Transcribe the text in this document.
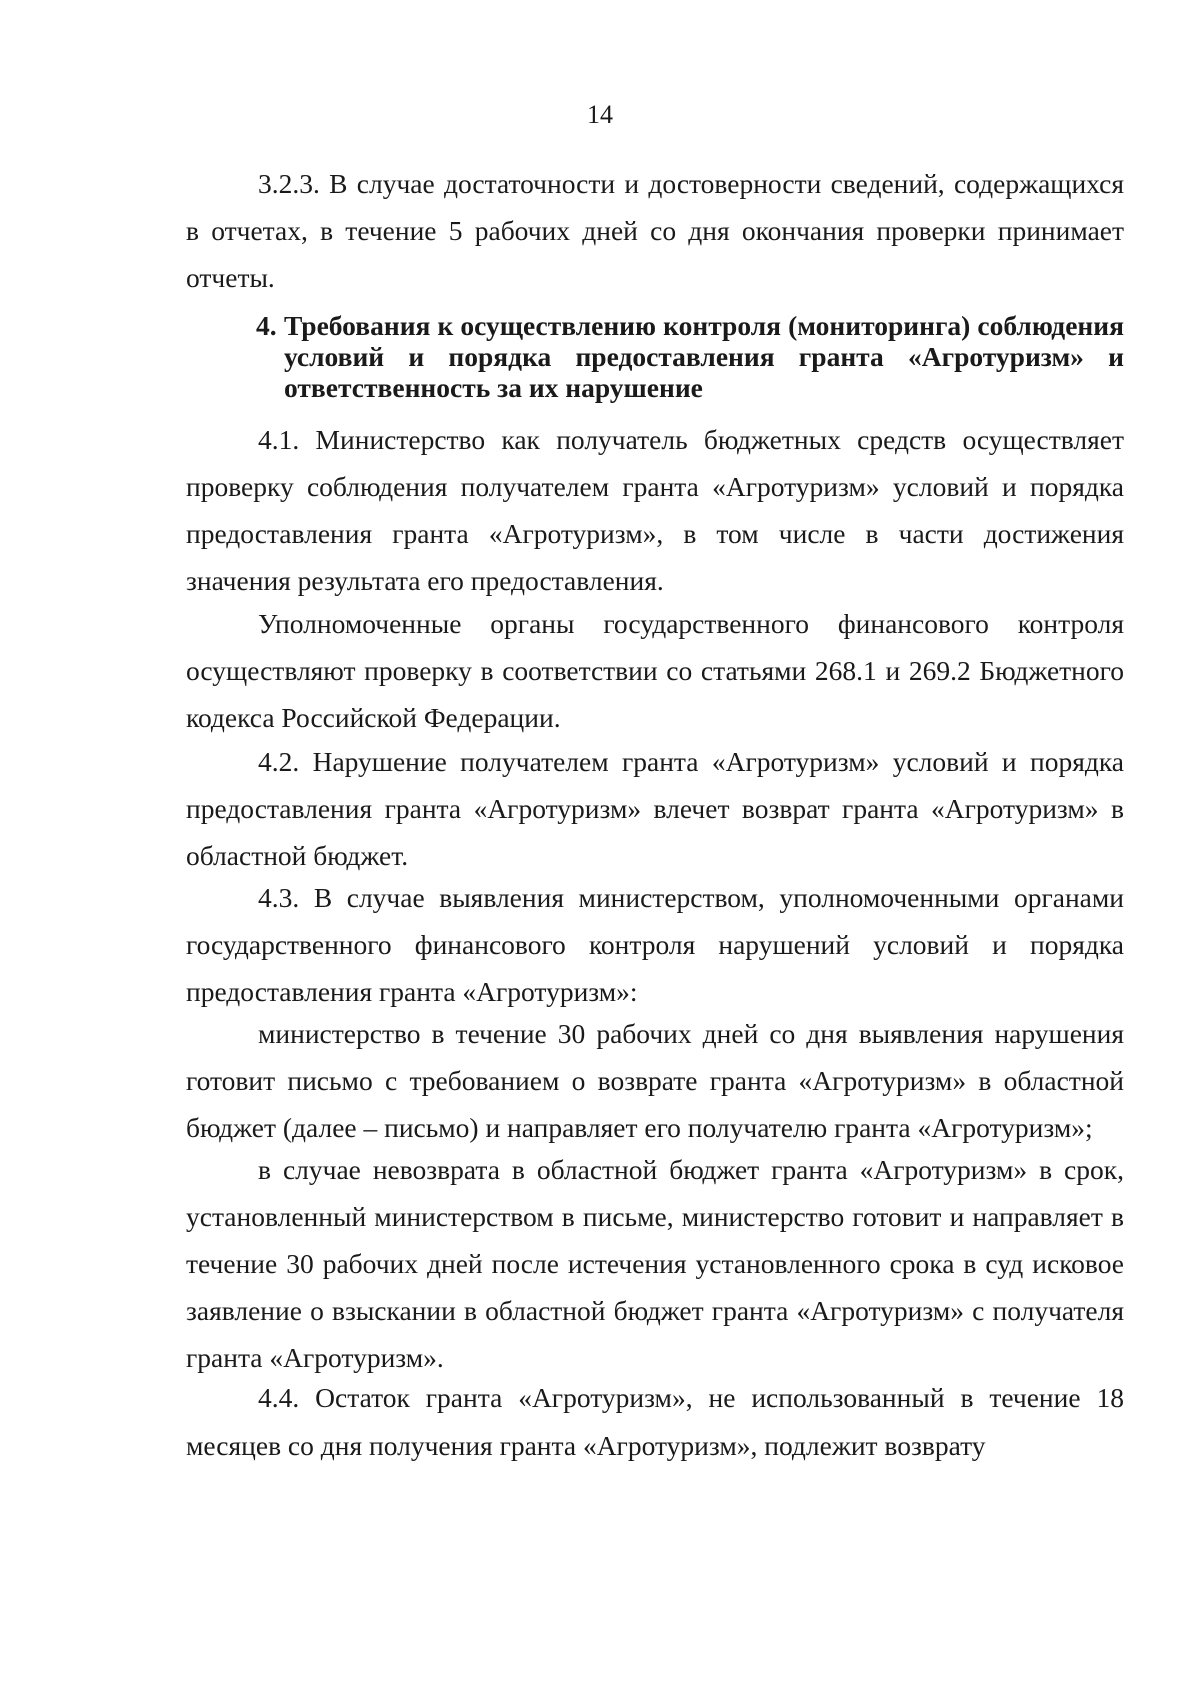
14

3.2.3. В случае достаточности и достоверности сведений, содержащихся в отчетах, в течение 5 рабочих дней со дня окончания проверки принимает отчеты.

4. Требования к осуществлению контроля (мониторинга) соблюдения условий и порядка предоставления гранта «Агротуризм» и ответственность за их нарушение

4.1. Министерство как получатель бюджетных средств осуществляет проверку соблюдения получателем гранта «Агротуризм» условий и порядка предоставления гранта «Агротуризм», в том числе в части достижения значения результата его предоставления.

Уполномоченные органы государственного финансового контроля осуществляют проверку в соответствии со статьями 268.1 и 269.2 Бюджетного кодекса Российской Федерации.

4.2. Нарушение получателем гранта «Агротуризм» условий и порядка предоставления гранта «Агротуризм» влечет возврат гранта «Агротуризм» в областной бюджет.

4.3. В случае выявления министерством, уполномоченными органами государственного финансового контроля нарушений условий и порядка предоставления гранта «Агротуризм»:

министерство в течение 30 рабочих дней со дня выявления нарушения готовит письмо с требованием о возврате гранта «Агротуризм» в областной бюджет (далее – письмо) и направляет его получателю гранта «Агротуризм»;

в случае невозврата в областной бюджет гранта «Агротуризм» в срок, установленный министерством в письме, министерство готовит и направляет в течение 30 рабочих дней после истечения установленного срока в суд исковое заявление о взыскании в областной бюджет гранта «Агротуризм» с получателя гранта «Агротуризм».

4.4. Остаток гранта «Агротуризм», не использованный в течение 18 месяцев со дня получения гранта «Агротуризм», подлежит возврату
